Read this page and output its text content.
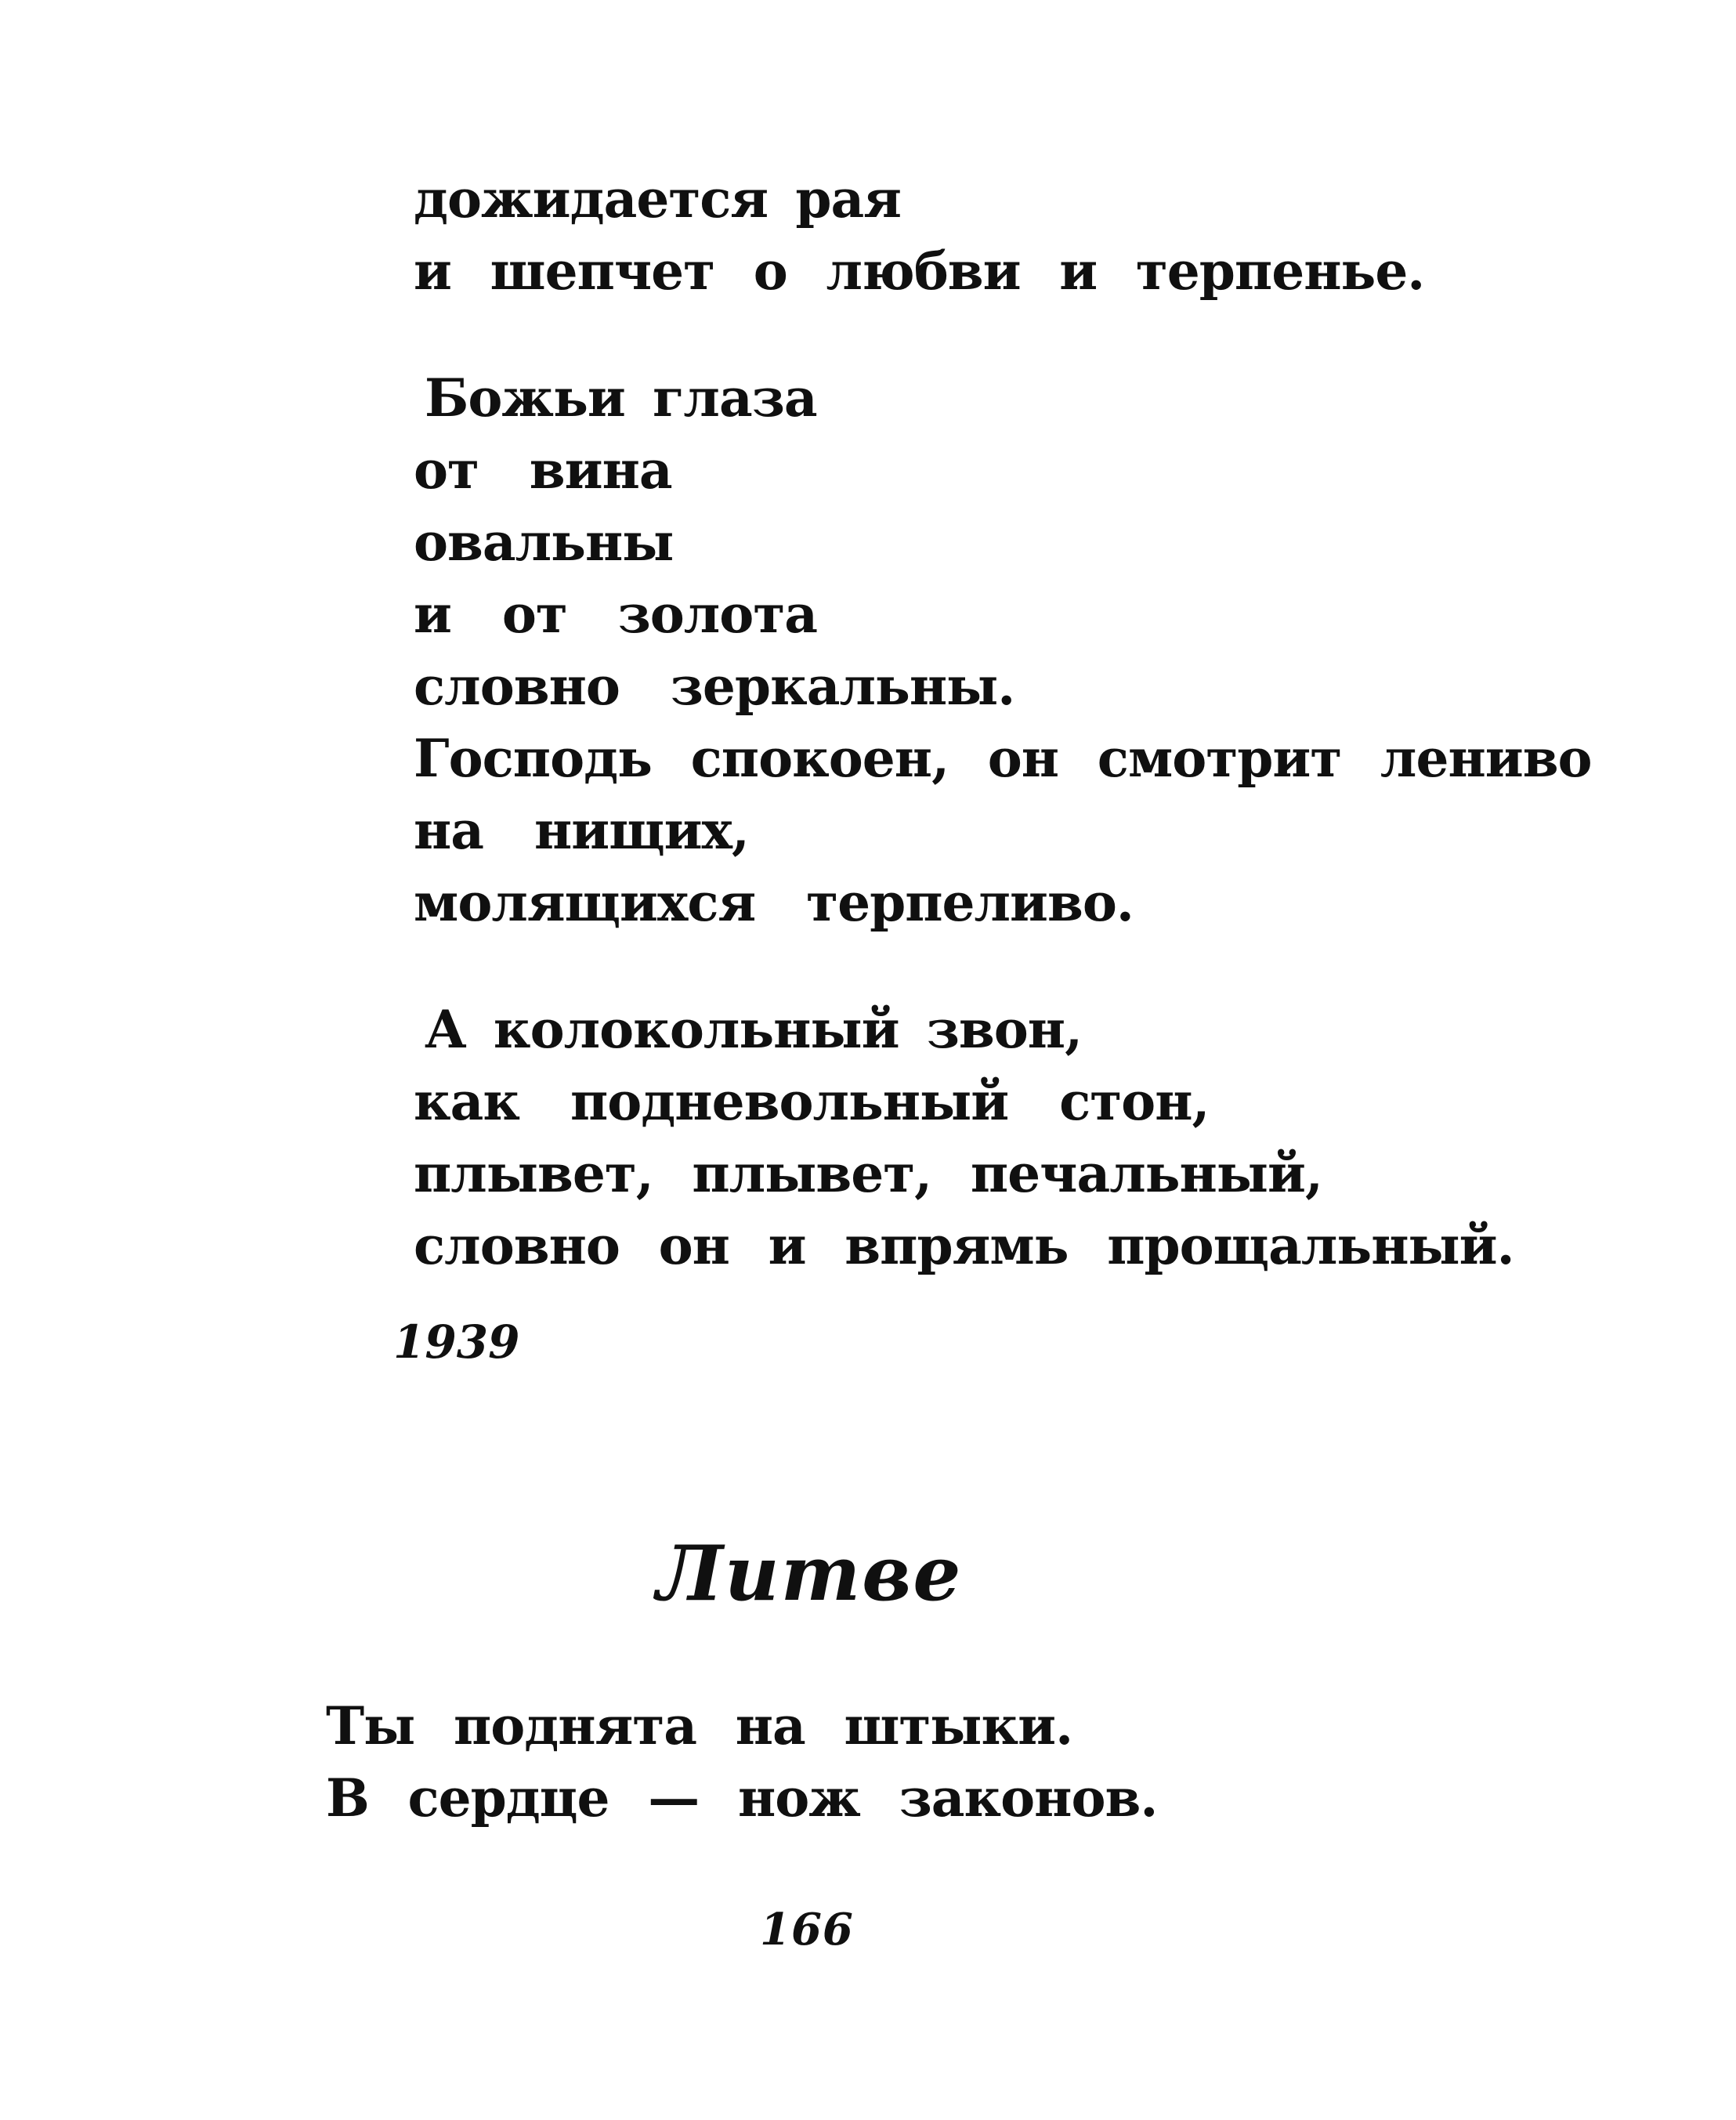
дожидается рая
и шепчет о любви и терпенье.
Божьи глаза
от вина
овальны
и от золота
словно зеркальны.
Господь спокоен, он смотрит лениво
на нищих,
молящихся терпеливо.
А колокольный звон,
как подневольный стон,
плывет, плывет, печальный,
словно он и впрямь прощальный.
1939
Литве
Ты поднята на штыки.
В сердце — нож законов.
166
